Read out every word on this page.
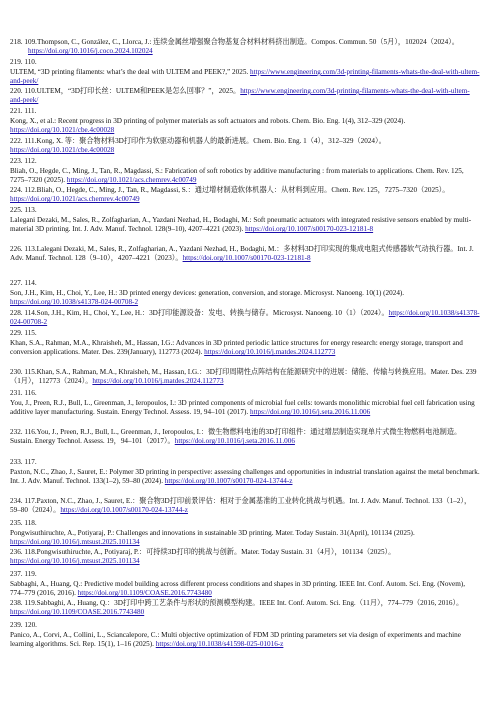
218. 109.Thompson, C., González, C., Llorca, J.: 连续金属丝增强聚合物基复合材料材料挤出制造。Compos. Commun. 50（5月），102024（2024）。https://doi.org/10.1016/j.coco.2024.102024
219. 110.
ULTEM, “3D printing filaments: what’s the deal with ULTEM and PEEK?,” 2025. https://www.engineering.com/3d-printing-filaments-whats-the-deal-with-ultem-and-peek/
220. 110.ULTEM，“3D打印长丝：ULTEM和PEEK是怎么回事？”，2025。https://www.engineering.com/3d-printing-filaments-whats-the-deal-with-ultem-and-peek/
221. 111.
Kong, X., et al.: Recent progress in 3D printing of polymer materials as soft actuators and robots. Chem. Bio. Eng. 1(4), 312–329 (2024). https://doi.org/10.1021/cbe.4c00028
222. 111.Kong, X. 等：聚合物材料3D打印作为软驱动器和机器人的最新进展。Chem. Bio. Eng. 1（4），312–329（2024）。https://doi.org/10.1021/cbe.4c00028
223. 112.
Bliah, O., Hegde, C., Ming, J., Tan, R., Magdassi, S.: Fabrication of soft robotics by additive manufacturing : from materials to applications. Chem. Rev. 125, 7275–7320 (2025). https://doi.org/10.1021/acs.chemrev.4c00749
224. 112.Bliah, O., Hegde, C., Ming, J., Tan, R., Magdassi, S.：通过增材制造软体机器人：从材料到应用。Chem. Rev. 125，7275–7320（2025）。https://doi.org/10.1021/acs.chemrev.4c00749
225. 113.
Lalegani Dezaki, M., Sales, R., Zolfagharian, A., Yazdani Nezhad, H., Bodaghi, M.: Soft pneumatic actuators with integrated resistive sensors enabled by multi-material 3D printing. Int. J. Adv. Manuf. Technol. 128(9–10), 4207–4221 (2023). https://doi.org/10.1007/s00170-023-12181-8
226. 113.Lalegani Dezaki, M., Sales, R., Zolfagharian, A., Yazdani Nezhad, H., Bodaghi, M.：多材料3D打印实现的集成电阻式传感器软气动执行器。Int. J. Adv. Manuf. Technol. 128（9–10），4207–4221（2023）。https://doi.org/10.1007/s00170-023-12181-8
227. 114.
Son, J.H., Kim, H., Choi, Y., Lee, H.: 3D printed energy devices: generation, conversion, and storage. Microsyst. Nanoeng. 10(1) (2024). https://doi.org/10.1038/s41378-024-00708-2
228. 114.Son, J.H., Kim, H., Choi, Y., Lee, H.：3D打印能源设备：发电、转换与储存。Microsyst. Nanoeng. 10（1）（2024）。https://doi.org/10.1038/s41378-024-00708-2
229. 115.
Khan, S.A., Rahman, M.A., Khraisheh, M., Hassan, I.G.: Advances in 3D printed periodic lattice structures for energy research: energy storage, transport and conversion applications. Mater. Des. 239(January), 112773 (2024). https://doi.org/10.1016/j.matdes.2024.112773
230. 115.Khan, S.A., Rahman, M.A., Khraisheh, M., Hassan, I.G.：3D打印周期性点阵结构在能源研究中的进展：储能、传输与转换应用。Mater. Des. 239（1月），112773（2024）。https://doi.org/10.1016/j.matdes.2024.112773
231. 116.
You, J., Preen, R.J., Bull, L., Greenman, J., Ieropoulos, I.: 3D printed components of microbial fuel cells: towards monolithic microbial fuel cell fabrication using additive layer manufacturing. Sustain. Energy Technol. Assess. 19, 94–101 (2017). https://doi.org/10.1016/j.seta.2016.11.006
232. 116.You, J., Preen, R.J., Bull, L., Greenman, J., Ieropoulos, I.：微生物燃料电池的3D打印组件：通过增层制造实现单片式微生物燃料电池制造。Sustain. Energy Technol. Assess. 19，94–101（2017）。https://doi.org/10.1016/j.seta.2016.11.006
233. 117.
Paxton, N.C., Zhao, J., Sauret, E.: Polymer 3D printing in perspective: assessing challenges and opportunities in industrial translation against the metal benchmark. Int. J. Adv. Manuf. Technol. 133(1–2), 59–80 (2024). https://doi.org/10.1007/s00170-024-13744-z
234. 117.Paxton, N.C., Zhao, J., Sauret, E.：聚合物3D打印前景评估：相对于金属基准的工业转化挑战与机遇。Int. J. Adv. Manuf. Technol. 133（1–2），59–80（2024）。https://doi.org/10.1007/s00170-024-13744-z
235. 118.
Pongwisuthiruchte, A., Potiyaraj, P.: Challenges and innovations in sustainable 3D printing. Mater. Today Sustain. 31(April), 101134 (2025). https://doi.org/10.1016/j.mtsust.2025.101134
236. 118.Pongwisuthiruchte, A., Potiyaraj, P.：可持续3D打印的挑战与创新。Mater. Today Sustain. 31（4月），101134（2025）。https://doi.org/10.1016/j.mtsust.2025.101134
237. 119.
Sabbaghi, A., Huang, Q.: Predictive model building across different process conditions and shapes in 3D printing. IEEE Int. Conf. Autom. Sci. Eng. (Novem), 774–779 (2016, 2016). https://doi.org/10.1109/COASE.2016.7743480
238. 119.Sabbaghi, A., Huang, Q.：3D打印中跨工艺条件与形状的预测模型构建。IEEE Int. Conf. Autom. Sci. Eng.（11月），774–779（2016, 2016）。https://doi.org/10.1109/COASE.2016.7743480
239. 120.
Panico, A., Corvi, A., Collini, L., Sciancalepore, C.: Multi objective optimization of FDM 3D printing parameters set via design of experiments and machine learning algorithms. Sci. Rep. 15(1), 1–16 (2025). https://doi.org/10.1038/s41598-025-01016-z
